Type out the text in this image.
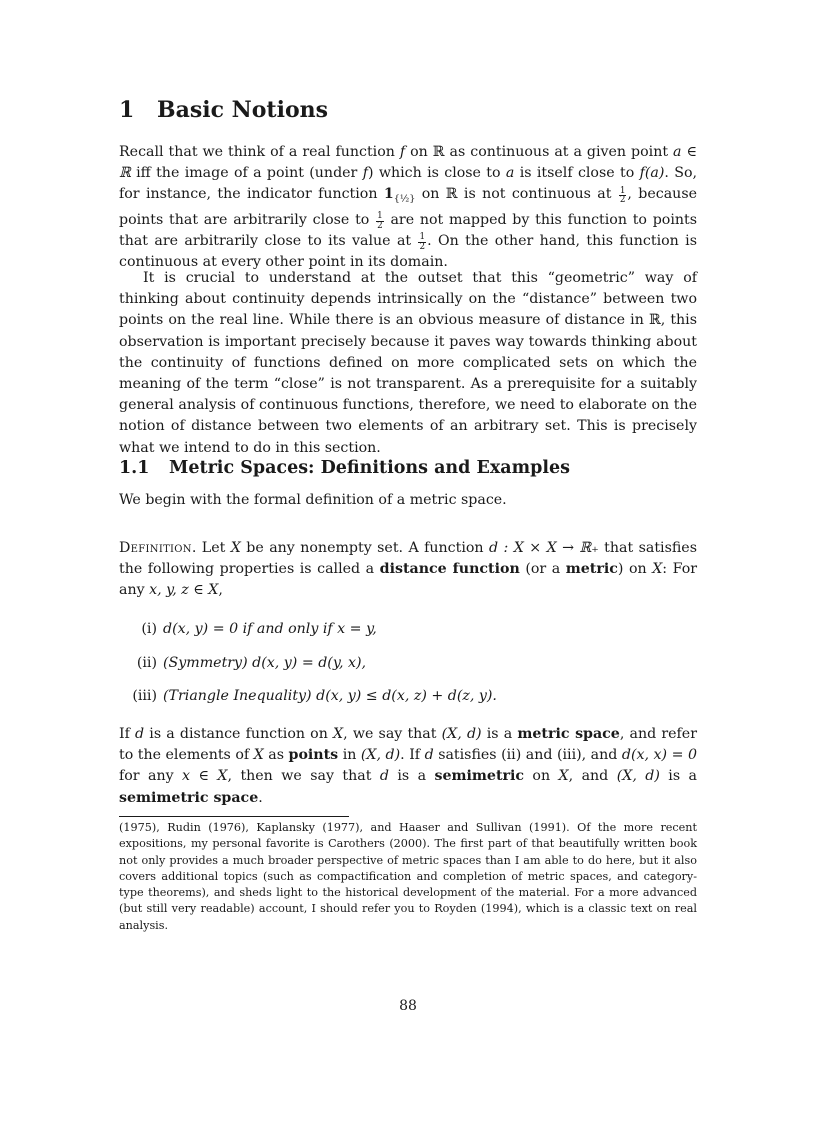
1 Basic Notions

Recall that we think of a real function f on ℝ as continuous at a given point a ∈ ℝ iff the image of a point (under f) which is close to a is itself close to f(a). So, for instance, the indicator function $1_{\{\frac{1}{2}\}}$ on ℝ is not continuous at $\frac{1}{2}$ , because points that are arbitrarily close to $\frac{1}{2}$ are not mapped by this function to points that are arbitrarily close to its value at $\frac{1}{2}$ . On the other hand, this function is continuous at every other point in its domain.

It is crucial to understand at the outset that this “geometric” way of thinking about continuity depends intrinsically on the “distance” between two points on the real line. While there is an obvious measure of distance in ℝ, this observation is important precisely because it paves way towards thinking about the continuity of functions defined on more complicated sets on which the meaning of the term “close” is not transparent. As a prerequisite for a suitably general analysis of continuous functions, therefore, we need to elaborate on the notion of distance between two elements of an arbitrary set. This is precisely what we intend to do in this section.

1.1 Metric Spaces: Definitions and Examples

We begin with the formal definition of a metric space.

Definition. Let X be any nonempty set. A function d : X × X → ℝ₊ that satisfies the following properties is called a distance function (or a metric) on X: For any x, y, z ∈ X,

(i) d(x, y) = 0 if and only if x = y,
(ii) (Symmetry) d(x, y) = d(y, x),
(iii) (Triangle Inequality) d(x, y) ≤ d(x, z) + d(z, y).

If d is a distance function on X, we say that (X, d) is a metric space, and refer to the elements of X as points in (X, d). If d satisfies (ii) and (iii), and d(x, x) = 0 for any x ∈ X, then we say that d is a semimetric on X, and (X, d) is a semimetric space.

(1975), Rudin (1976), Kaplansky (1977), and Haaser and Sullivan (1991). Of the more recent expositions, my personal favorite is Carothers (2000). The first part of that beautifully written book not only provides a much broader perspective of metric spaces than I am able to do here, but it also covers additional topics (such as compactification and completion of metric spaces, and category-type theorems), and sheds light to the historical development of the material. For a more advanced (but still very readable) account, I should refer you to Royden (1994), which is a classic text on real analysis.

88
